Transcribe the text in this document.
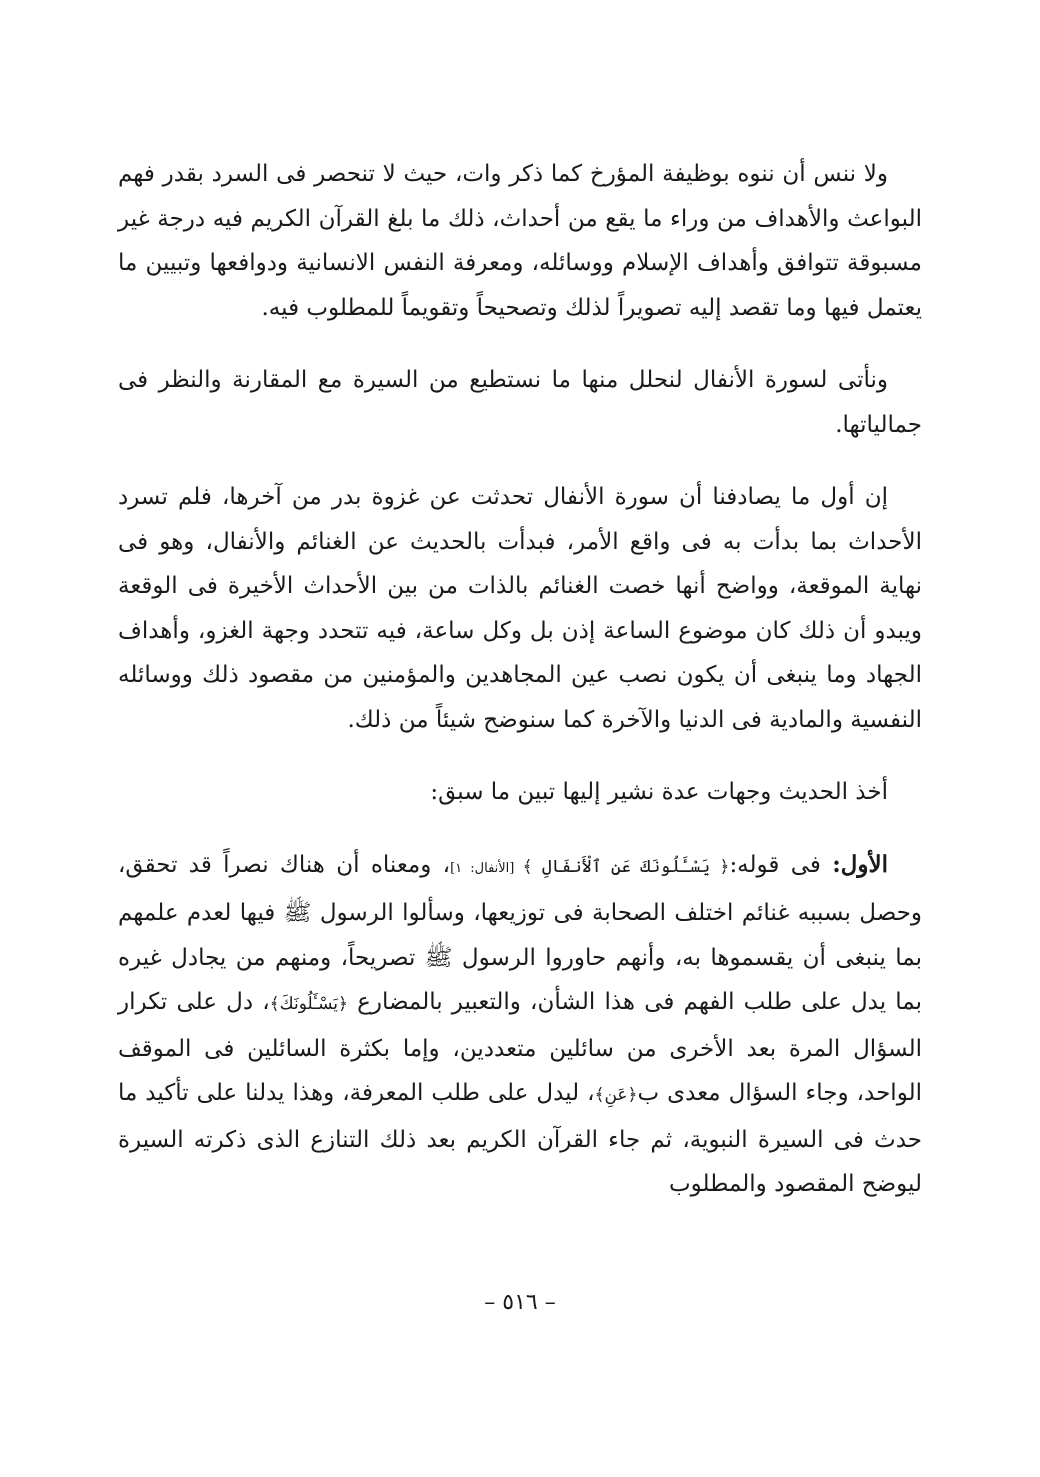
ولا ننس أن ننوه بوظيفة المؤرخ كما ذكر وات، حيث لا تنحصر فى السرد بقدر فهم البواعث والأهداف من وراء ما يقع من أحداث، ذلك ما بلغ القرآن الكريم فيه درجة غير مسبوقة تتوافق وأهداف الإسلام ووسائله، ومعرفة النفس الانسانية ودوافعها وتبيين ما يعتمل فيها وما تقصد إليه تصويراً لذلك وتصحيحاً وتقويماً للمطلوب فيه.

ونأتى لسورة الأنفال لنحلل منها ما نستطيع من السيرة مع المقارنة والنظر فى جمالياتها.

إن أول ما يصادفنا أن سورة الأنفال تحدثت عن غزوة بدر من آخرها، فلم تسرد الأحداث بما بدأت به فى واقع الأمر، فبدأت بالحديث عن الغنائم والأنفال، وهو فى نهاية الموقعة، وواضح أنها خصت الغنائم بالذات من بين الأحداث الأخيرة فى الوقعة ويبدو أن ذلك كان موضوع الساعة إذن بل وكل ساعة، فيه تتحدد وجهة الغزو، وأهداف الجهاد وما ينبغى أن يكون نصب عين المجاهدين والمؤمنين من مقصود ذلك ووسائله النفسية والمادية فى الدنيا والآخرة كما سنوضح شيئاً من ذلك.

أخذ الحديث وجهات عدة نشير إليها تبين ما سبق:

الأول: فى قوله:﴿ يَسْـَٔلُونَكَ عَنِ ٱلْأَنفَالِ ﴾ [الأنفال: ١]، ومعناه أن هناك نصراً قد تحقق، وحصل بسببه غنائم اختلف الصحابة فى توزيعها، وسألوا الرسول ﷺ فيها لعدم علمهم بما ينبغى أن يقسموها به، وأنهم حاوروا الرسول ﷺ تصريحاً، ومنهم من يجادل غيره بما يدل على طلب الفهم فى هذا الشأن، والتعبير بالمضارع ﴿يَسْـَٔلُونَكَ﴾، دل على تكرار السؤال المرة بعد الأخرى من سائلين متعددين، وإما بكثرة السائلين فى الموقف الواحد، وجاء السؤال معدى ب﴿عَنِ﴾، ليدل على طلب المعرفة، وهذا يدلنا على تأكيد ما حدث فى السيرة النبوية، ثم جاء القرآن الكريم بعد ذلك التنازع الذى ذكرته السيرة ليوضح المقصود والمطلوب

– ٥١٦ –
